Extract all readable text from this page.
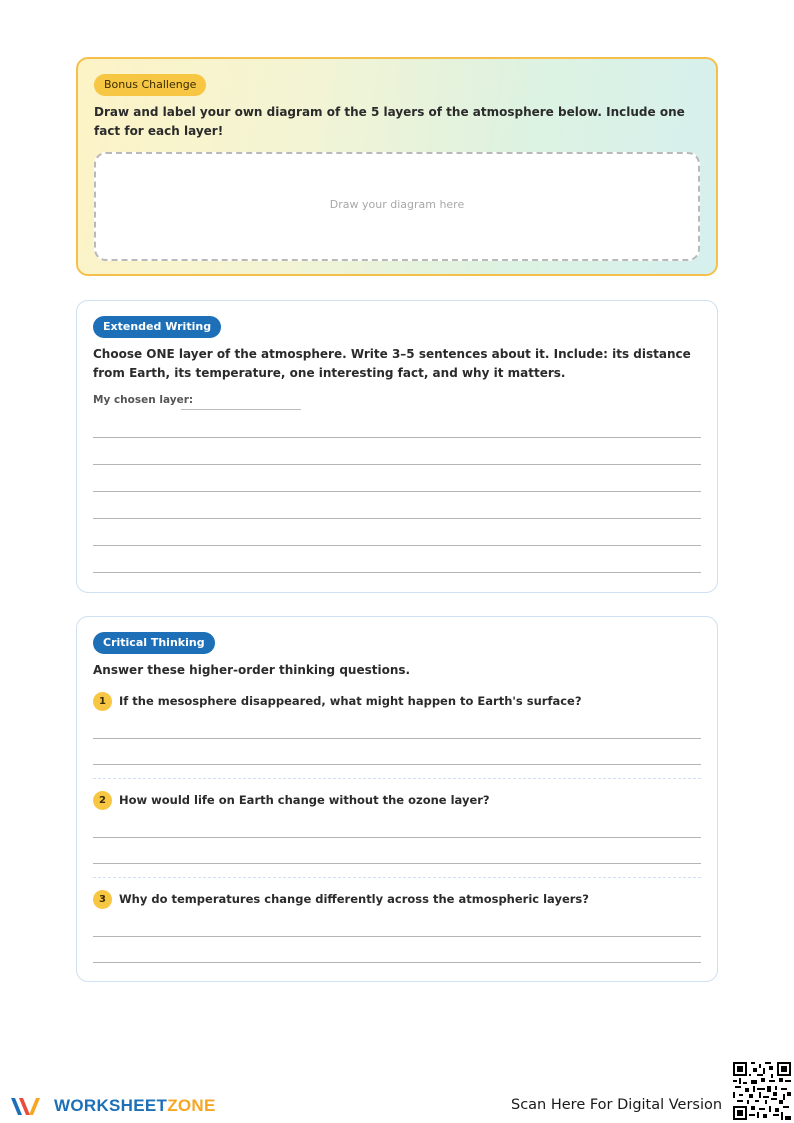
Bonus Challenge
Draw and label your own diagram of the 5 layers of the atmosphere below. Include one fact for each layer!
Draw your diagram here
Extended Writing
Choose ONE layer of the atmosphere. Write 3–5 sentences about it. Include: its distance from Earth, its temperature, one interesting fact, and why it matters.
My chosen layer:
Critical Thinking
Answer these higher-order thinking questions.
1	If the mesosphere disappeared, what might happen to Earth's surface?
2	How would life on Earth change without the ozone layer?
3	Why do temperatures change differently across the atmospheric layers?
WORKSHEETZONE	Scan Here For Digital Version
